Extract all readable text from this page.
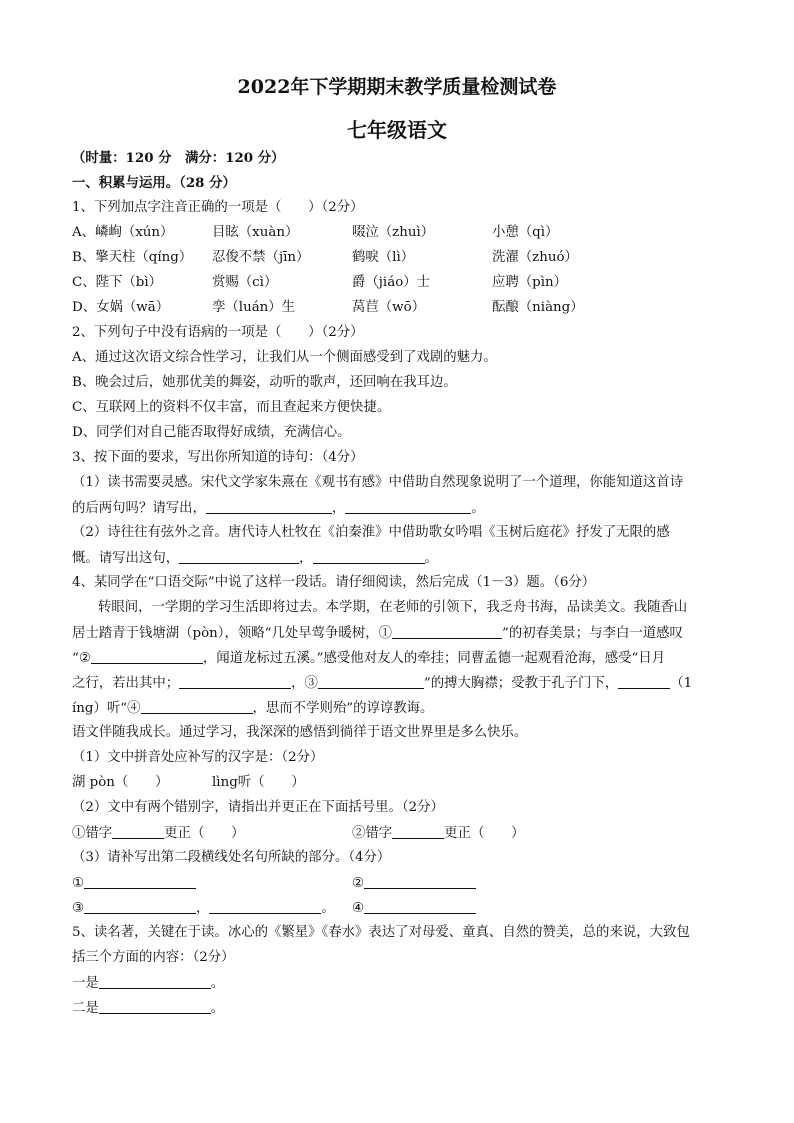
2022年下学期期末教学质量检测试卷
七年级语文
（时量：120 分　满分：120 分）
一、积累与运用。（28 分）
1、下列加点字注音正确的一项是（　　）（2分）
A、嶙峋（xún）	目眩（xuàn）	啜泣（zhuì）	小憩（qì）
B、擎天柱（qíng） 忍俊不禁（jīn）	鹤唳（lì）	洗濯（zhuó）
C、陛下（bì）	赏赐（cì）	爵（jiáo）士	应聘（pìn）
D、女娲（wā）	孪（luán）生	莴苣（wō）	酝酿（niàng）
2、下列句子中没有语病的一项是（　　）（2分）
A、通过这次语文综合性学习，让我们从一个侧面感受到了戏剧的魅力。
B、晚会过后，她那优美的舞姿，动听的歌声，还回响在我耳边。
C、互联网上的资料不仅丰富，而且查起来方便快捷。
D、同学们对自己能否取得好成绩，充满信心。
3、按下面的要求，写出你所知道的诗句：（4分）
（1）读书需要灵感。宋代文学家朱熹在《观书有感》中借助自然现象说明了一个道理，你能知道这首诗
的后两句吗？请写出，	，	。
（2）诗往往有弦外之音。唐代诗人杜牧在《泊秦淮》中借助歌女吟唱《玉树后庭花》抒发了无限的感
慨。请写出这句，	，	。
4、某同学在“口语交际”中说了这样一段话。请仔细阅读，然后完成（1－3）题。（6分）
转眼间，一学期的学习生活即将过去。本学期，在老师的引领下，我乏舟书海，品读美文。我随香山
居士踏青于钱塘湖（pòn），领略“几处早莺争暖树，①	”的初春美景；与李白一道感叹
“②	，闻道龙标过五溪。”感受他对友人的牵挂；同曹孟德一起观看沧海，感受“日月
之行，若出其中；	，③	”的搏大胸襟；受教于孔子门下，	（1
íng）听“④	，思而不学则殆”的谆谆教诲。
语文伴随我成长。通过学习，我深深的感悟到徜徉于语文世界里是多么快乐。
（1）文中拼音处应补写的汉字是：（2分）
湖 pòn（　　）	lìng听（　　）
（2）文中有两个错别字，请指出并更正在下面括号里。（2分）
①错字	更正（　　）	②错字	更正（　　）
（3）请补写出第二段横线处名句所缺的部分。（4分）
①	②
③	，	。 ④
5、读名著，关键在于读。冰心的《繁星》《春水》表达了对母爱、童真、自然的赞美，总的来说，大致包
括三个方面的内容：（2分）
一是	。
二是	。
